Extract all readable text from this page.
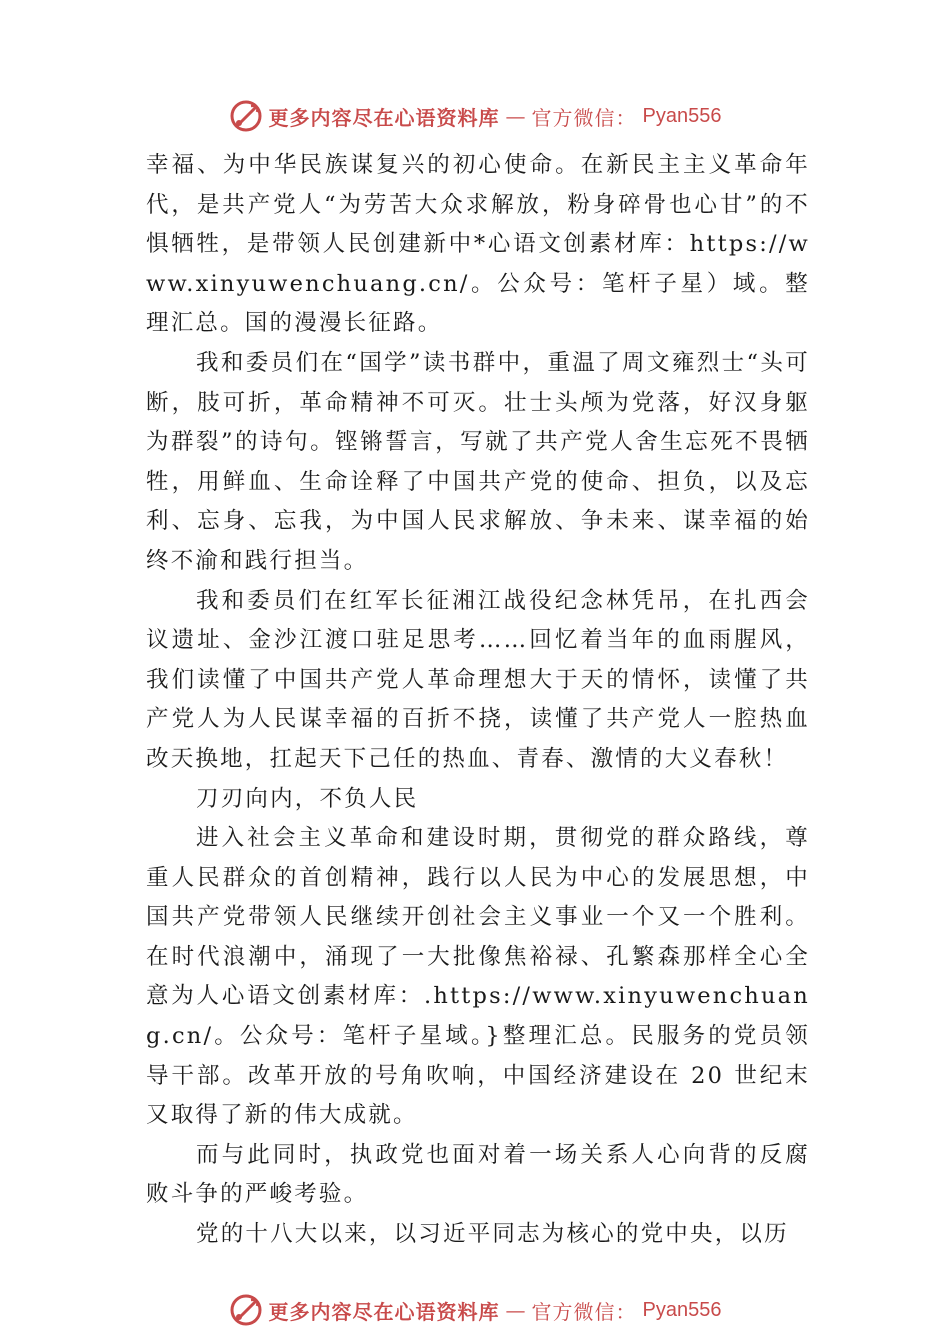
更多内容尽在心语资料库 — 官方微信： Pyan556

幸福、为中华民族谋复兴的初心使命。在新民主主义革命年代，是共产党人“为劳苦大众求解放，粉身碎骨也心甘”的不惧牺牲，是带领人民创建新中*心语文创素材库：https://www.xinyuwenchuang.cn/。公众号：笔杆子星）域。整理汇总。国的漫漫长征路。

我和委员们在“国学”读书群中，重温了周文雍烈士“头可断，肢可折，革命精神不可灭。壮士头颅为党落，好汉身躯为群裂”的诗句。铿锵誓言，写就了共产党人舍生忘死不畏牺牲，用鲜血、生命诠释了中国共产党的使命、担负，以及忘利、忘身、忘我，为中国人民求解放、争未来、谋幸福的始终不渝和践行担当。

我和委员们在红军长征湘江战役纪念林凭吊，在扎西会议遗址、金沙江渡口驻足思考……回忆着当年的血雨腥风， 我们读懂了中国共产党人革命理想大于天的情怀，读懂了共产党人为人民谋幸福的百折不挠，读懂了共产党人一腔热血改天换地，扛起天下己任的热血、青春、激情的大义春秋！

刀刃向内，不负人民

进入社会主义革命和建设时期，贯彻党的群众路线，尊重人民群众的首创精神，践行以人民为中心的发展思想，中国共产党带领人民继续开创社会主义事业一个又一个胜利。在时代浪潮中，涌现了一大批像焦裕禄、孔繁森那样全心全意为人心语文创素材库：.https://www.xinyuwenchuang.cn/。公众号：笔杆子星域。}整理汇总。民服务的党员领导干部。改革开放的号角吹响，中国经济建设在 20 世纪末又取得了新的伟大成就。

而与此同时，执政党也面对着一场关系人心向背的反腐败斗争的严峻考验。

党的十八大以来，以习近平同志为核心的党中央，以历

更多内容尽在心语资料库 — 官方微信： Pyan556
